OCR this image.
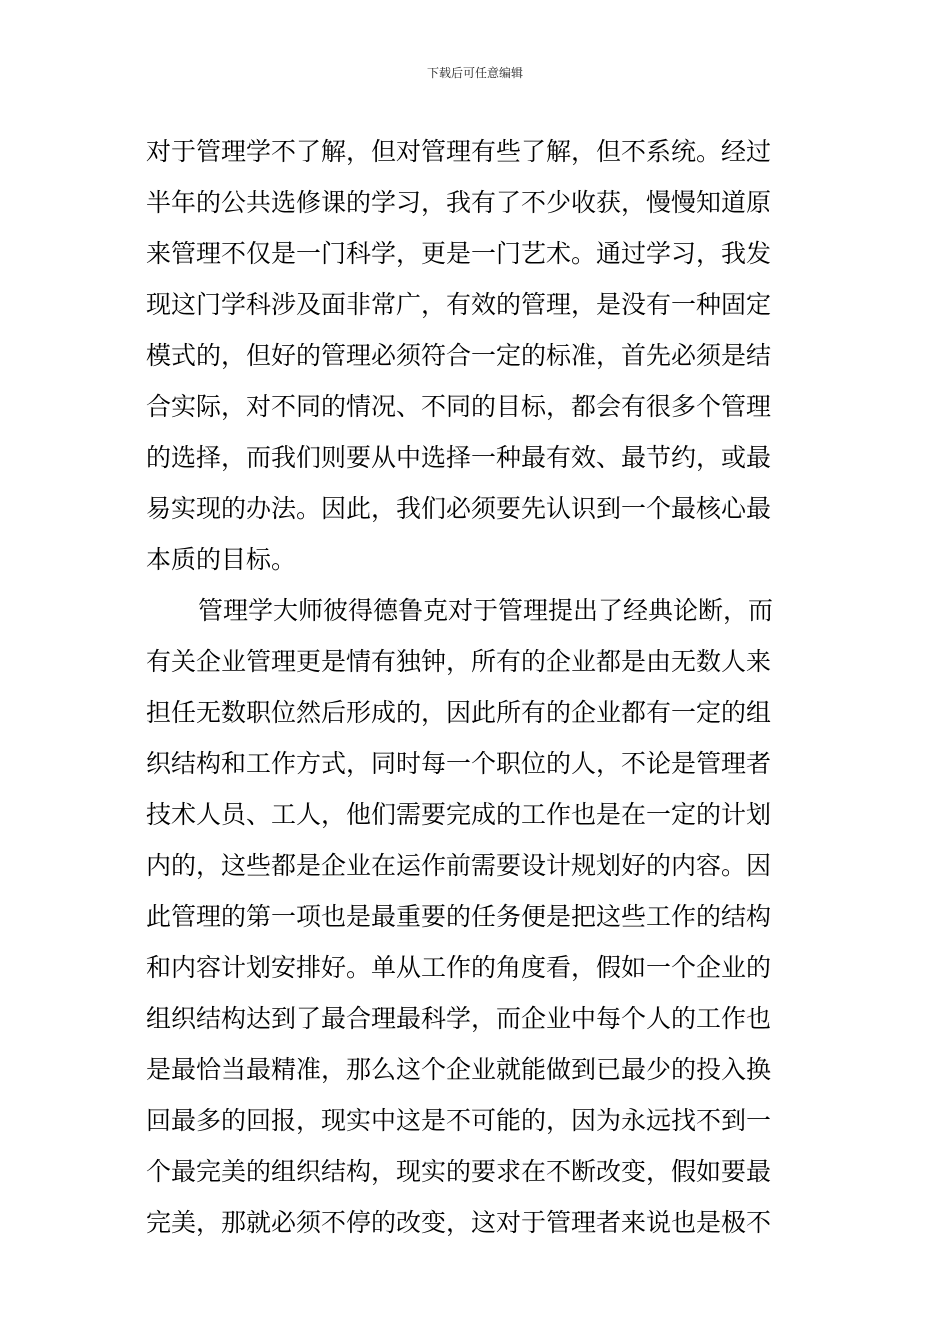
下载后可任意编辑
对于管理学不了解，但对管理有些了解，但不系统。经过
半年的公共选修课的学习，我有了不少收获，慢慢知道原
来管理不仅是一门科学，更是一门艺术。通过学习，我发
现这门学科涉及面非常广，有效的管理，是没有一种固定
模式的，但好的管理必须符合一定的标准，首先必须是结
合实际，对不同的情况、不同的目标，都会有很多个管理
的选择，而我们则要从中选择一种最有效、最节约，或最
易实现的办法。因此，我们必须要先认识到一个最核心最
本质的目标。
管理学大师彼得德鲁克对于管理提出了经典论断，而
有关企业管理更是情有独钟，所有的企业都是由无数人来
担任无数职位然后形成的，因此所有的企业都有一定的组
织结构和工作方式，同时每一个职位的人，不论是管理者
技术人员、工人，他们需要完成的工作也是在一定的计划
内的，这些都是企业在运作前需要设计规划好的内容。因
此管理的第一项也是最重要的任务便是把这些工作的结构
和内容计划安排好。单从工作的角度看，假如一个企业的
组织结构达到了最合理最科学，而企业中每个人的工作也
是最恰当最精准，那么这个企业就能做到已最少的投入换
回最多的回报，现实中这是不可能的，因为永远找不到一
个最完美的组织结构，现实的要求在不断改变，假如要最
完美，那就必须不停的改变，这对于管理者来说也是极不
